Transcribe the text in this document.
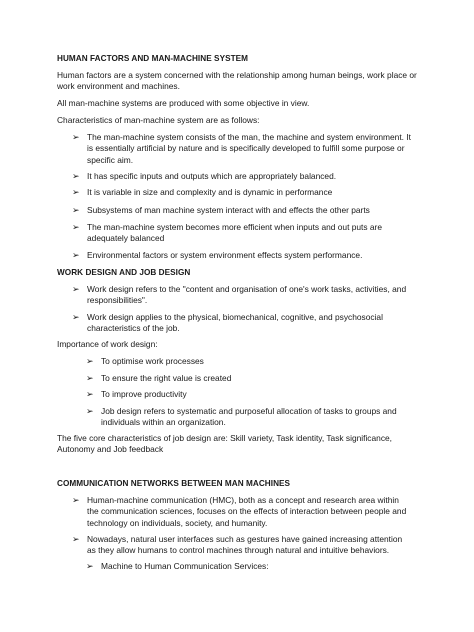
HUMAN FACTORS AND MAN-MACHINE SYSTEM

Human factors are a system concerned with the relationship among human beings, work place or work environment and machines.

All man-machine systems are produced with some objective in view.

Characteristics of man-machine system are as follows:

➢ The man-machine system consists of the man, the machine and system environment. It is essentially artificial by nature and is specifically developed to fulfill some purpose or specific aim.
➢ It has specific inputs and outputs which are appropriately balanced.
➢ It is variable in size and complexity and is dynamic in performance
➢ Subsystems of man machine system interact with and effects the other parts
➢ The man-machine system becomes more efficient when inputs and out puts are adequately balanced
➢ Environmental factors or system environment effects system performance.
WORK DESIGN AND JOB DESIGN
➢ Work design refers to the "content and organisation of one's work tasks, activities, and responsibilities".
➢ Work design applies to the physical, biomechanical, cognitive, and psychosocial characteristics of the job.

Importance of work design:

➢ To optimise work processes
➢ To ensure the right value is created
➢ To improve productivity
➢ Job design refers to systematic and purposeful allocation of tasks to groups and individuals within an organization.

The five core characteristics of job design are: Skill variety, Task identity, Task significance, Autonomy and Job feedback

COMMUNICATION NETWORKS BETWEEN MAN MACHINES
➢ Human-machine communication (HMC), both as a concept and research area within the communication sciences, focuses on the effects of interaction between people and technology on individuals, society, and humanity.
➢ Nowadays, natural user interfaces such as gestures have gained increasing attention as they allow humans to control machines through natural and intuitive behaviors.
➢ Machine to Human Communication Services:
